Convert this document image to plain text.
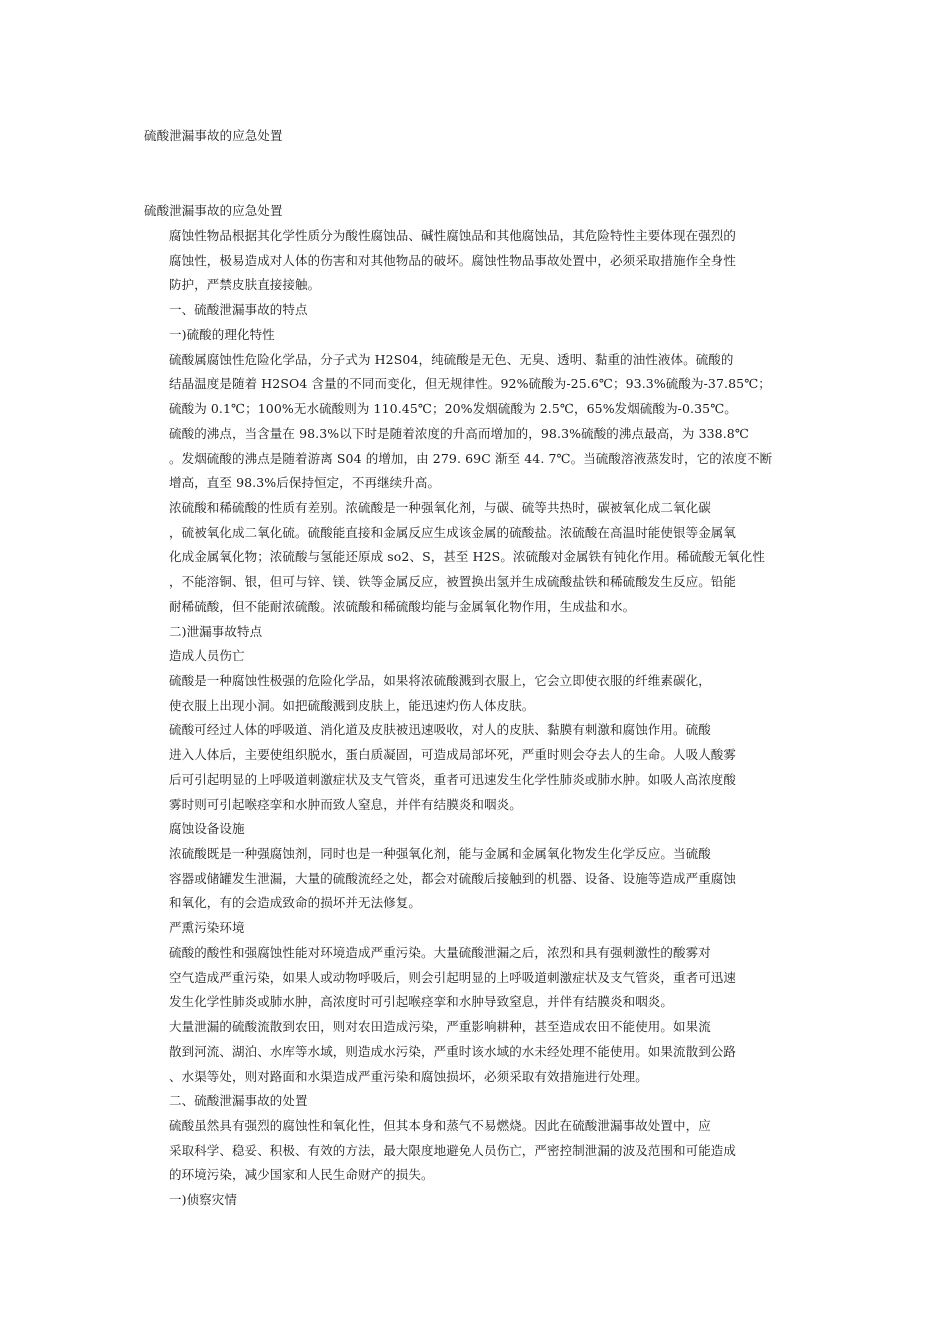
硫酸泄漏事故的应急处置
硫酸泄漏事故的应急处置
腐蚀性物品根据其化学性质分为酸性腐蚀品、碱性腐蚀品和其他腐蚀品，其危险特性主要体现在强烈的
腐蚀性，极易造成对人体的伤害和对其他物品的破坏。腐蚀性物品事故处置中，必须采取措施作全身性
防护，严禁皮肤直接接触。
一、硫酸泄漏事故的特点
一)硫酸的理化特性
硫酸属腐蚀性危险化学品，分子式为 H2S04，纯硫酸是无色、无臭、透明、黏重的油性液体。硫酸的
结晶温度是随着 H2SO4 含量的不同而变化，但无规律性。92%硫酸为-25.6℃；93.3%硫酸为-37.85℃；
硫酸为 0.1℃；100%无水硫酸则为 110.45℃；20%发烟硫酸为 2.5℃，65%发烟硫酸为-0.35℃。
硫酸的沸点，当含量在 98.3%以下时是随着浓度的升高而增加的，98.3%硫酸的沸点最高，为 338.8℃
。发烟硫酸的沸点是随着游离 S04 的增加，由 279. 69C 渐至 44. 7℃。当硫酸溶液蒸发时，它的浓度不断
增高，直至 98.3%后保持恒定，不再继续升高。
浓硫酸和稀硫酸的性质有差别。浓硫酸是一种强氧化剂，与碳、硫等共热时，碳被氧化成二氧化碳
，硫被氧化成二氧化硫。硫酸能直接和金属反应生成该金属的硫酸盐。浓硫酸在高温时能使银等金属氧
化成金属氧化物；浓硫酸与氢能还原成 so2、S，甚至 H2S。浓硫酸对金属铁有钝化作用。稀硫酸无氧化性
，不能溶铜、银，但可与锌、镁、铁等金属反应，被置换出氢并生成硫酸盐铁和稀硫酸发生反应。铅能
耐稀硫酸，但不能耐浓硫酸。浓硫酸和稀硫酸均能与金属氧化物作用，生成盐和水。
二)泄漏事故特点
造成人员伤亡
硫酸是一种腐蚀性极强的危险化学品，如果将浓硫酸溅到衣服上，它会立即使衣服的纤维素碳化，
使衣服上出现小洞。如把硫酸溅到皮肤上，能迅速灼伤人体皮肤。
硫酸可经过人体的呼吸道、消化道及皮肤被迅速吸收，对人的皮肤、黏膜有刺激和腐蚀作用。硫酸
进入人体后，主要使组织脱水，蛋白质凝固，可造成局部坏死，严重时则会夺去人的生命。人吸人酸雾
后可引起明显的上呼吸道刺激症状及支气管炎，重者可迅速发生化学性肺炎或肺水肿。如吸人高浓度酸
雾时则可引起喉痉挛和水肿而致人窒息，并伴有结膜炎和咽炎。
腐蚀设备设施
浓硫酸既是一种强腐蚀剂，同时也是一种强氧化剂，能与金属和金属氧化物发生化学反应。当硫酸
容器或储罐发生泄漏，大量的硫酸流经之处，都会对硫酸后接触到的机器、设备、设施等造成严重腐蚀
和氧化，有的会造成致命的损坏并无法修复。
严熏污染环境
硫酸的酸性和强腐蚀性能对环境造成严重污染。大量硫酸泄漏之后，浓烈和具有强刺激性的酸雾对
空气造成严重污染，如果人或动物呼吸后，则会引起明显的上呼吸道刺激症状及支气管炎，重者可迅速
发生化学性肺炎或肺水肿，高浓度时可引起喉痉挛和水肿导致窒息，并伴有结膜炎和咽炎。
大量泄漏的硫酸流散到农田，则对农田造成污染，严重影响耕种，甚至造成农田不能使用。如果流
散到河流、湖泊、水库等水域，则造成水污染，严重时该水域的水未经处理不能使用。如果流散到公路
、水渠等处，则对路面和水渠造成严重污染和腐蚀损坏，必须采取有效措施进行处理。
二、硫酸泄漏事故的处置
硫酸虽然具有强烈的腐蚀性和氧化性，但其本身和蒸气不易燃烧。因此在硫酸泄漏事故处置中，应
采取科学、稳妥、积极、有效的方法，最大限度地避免人员伤亡，严密控制泄漏的波及范围和可能造成
的环境污染，减少国家和人民生命财产的损失。
一)侦察灾情
